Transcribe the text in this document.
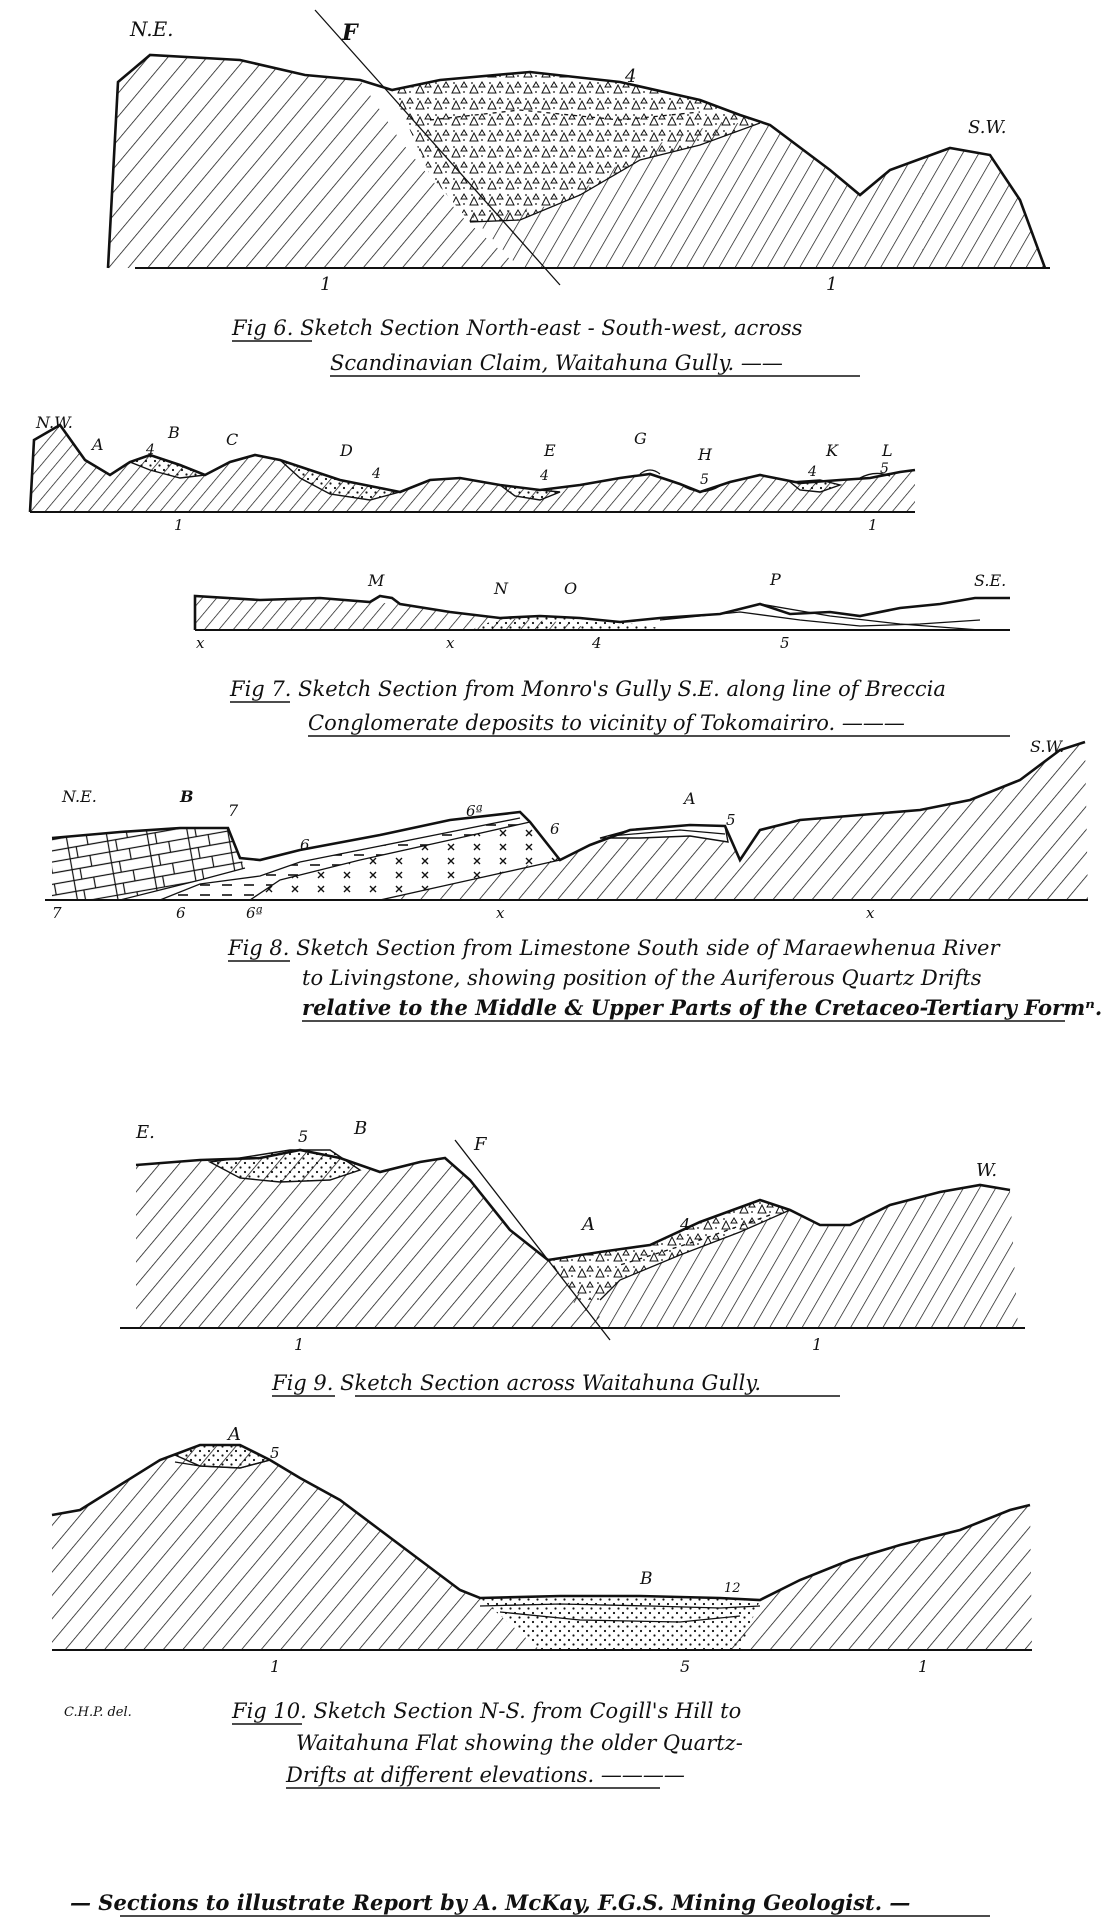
N.E.	F
4
S.W.
1	1
Fig 6. Sketch Section North-east - South-west, across
Scandinavian Claim, Waitahuna Gully. ——
N.W.
A	4
B	C
D
4
E
4
G
H
5
K
4
L
5
1	1
M	N	O	P	S.E.
x	x	4	5
Fig 7. Sketch Section from Monro's Gully S.E. along line of Breccia
Conglomerate deposits to vicinity of Tokomairiro. ———
N.E.	B
7	6ª
6
6
A
5
S.W.
7	6	6ª	x	x
Fig 8. Sketch Section from Limestone South side of Maraewhenua River
to Livingstone, showing position of the Auriferous Quartz Drifts
relative to the Middle & Upper Parts of the Cretaceo-Tertiary Formⁿ.
E.	5	B
F
A	4
W.
1	1
Fig 9. Sketch Section across Waitahuna Gully.
A
5
B	12
1	5	1
C.H.P. del.	Fig 10. Sketch Section N-S. from Cogill's Hill to
Waitahuna Flat showing the older Quartz-
Drifts at different elevations. ————
— Sections to illustrate Report by A. McKay, F.G.S. Mining Geologist. —
